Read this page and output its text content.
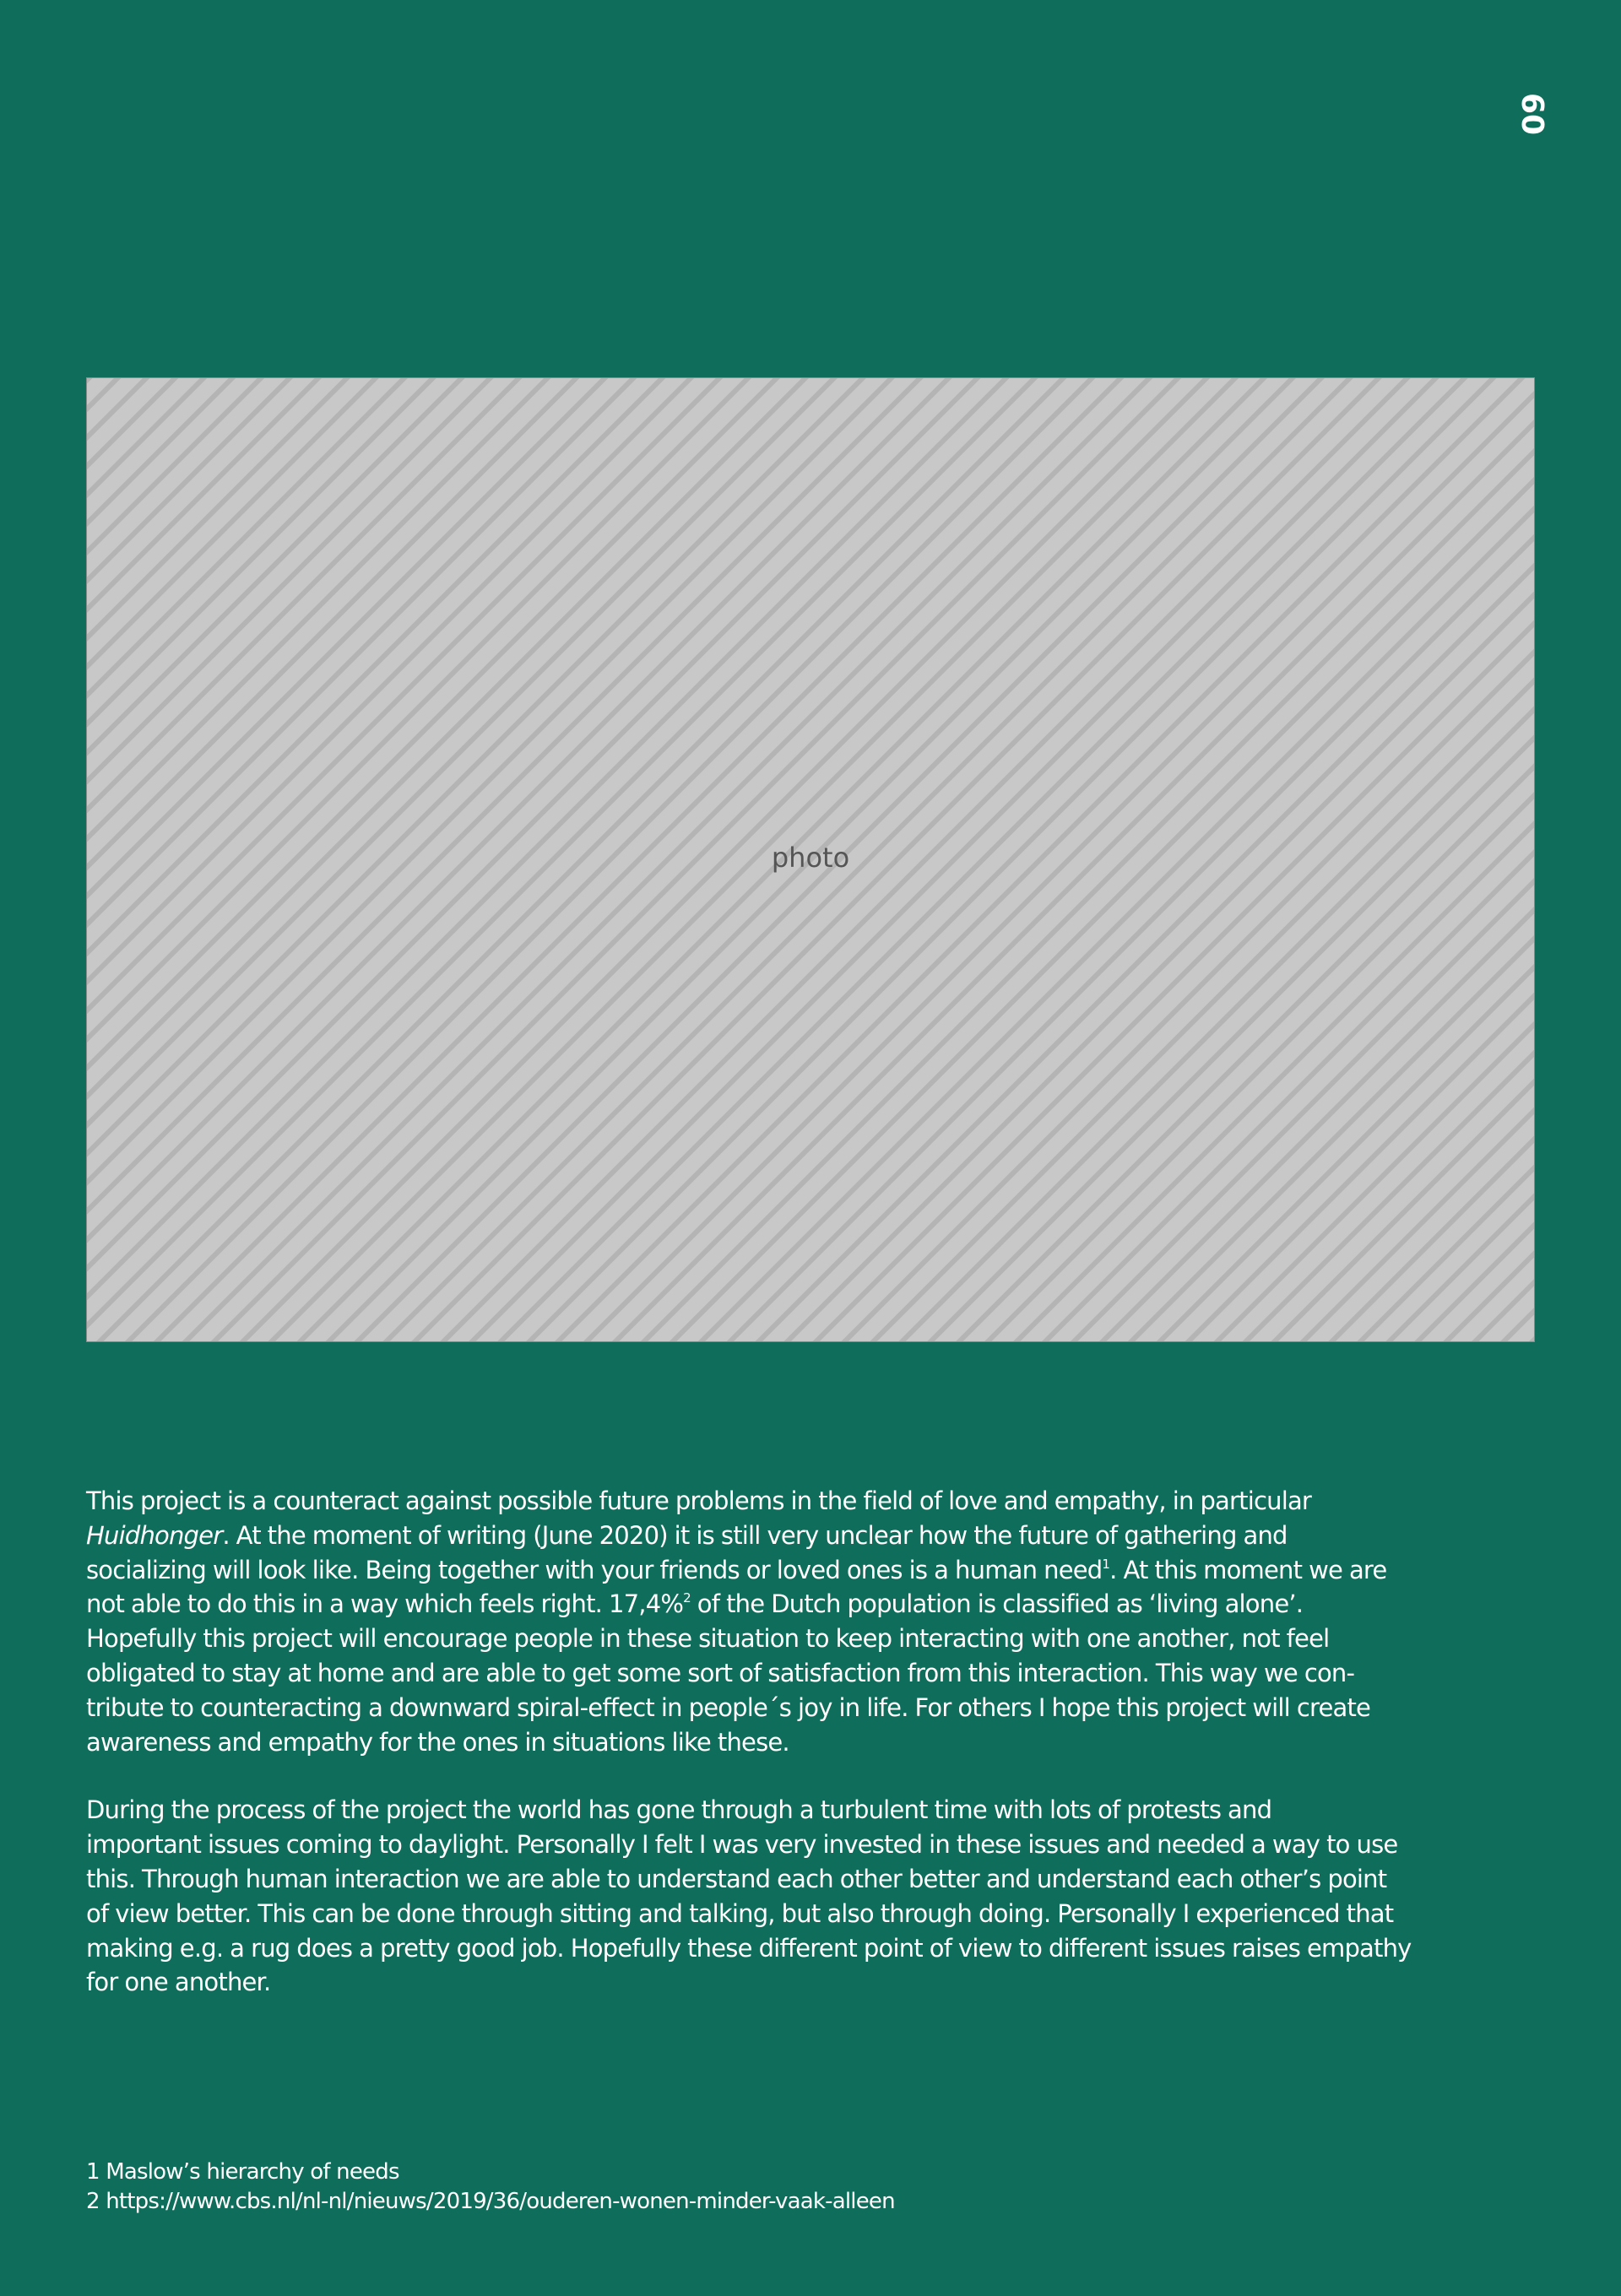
60
photo

This project is a counteract against possible future problems in the field of love and empathy, in particular
Huidhonger. At the moment of writing (June 2020) it is still very unclear how the future of gathering and
socializing will look like. Being together with your friends or loved ones is a human need$^1$. At this moment we are
not able to do this in a way which feels right. 17,4%$^2$ of the Dutch population is classified as ‘living alone’.
Hopefully this project will encourage people in these situation to keep interacting with one another, not feel
obligated to stay at home and are able to get some sort of satisfaction from this interaction. This way we con-
tribute to counteracting a downward spiral-effect in people´s joy in life. For others I hope this project will create
awareness and empathy for the ones in situations like these.

During the process of the project the world has gone through a turbulent time with lots of protests and
important issues coming to daylight. Personally I felt I was very invested in these issues and needed a way to use
this. Through human interaction we are able to understand each other better and understand each other’s point
of view better. This can be done through sitting and talking, but also through doing. Personally I experienced that
making e.g. a rug does a pretty good job. Hopefully these different point of view to different issues raises empathy
for one another.

1 Maslow’s hierarchy of needs
2 https://www.cbs.nl/nl-nl/nieuws/2019/36/ouderen-wonen-minder-vaak-alleen
